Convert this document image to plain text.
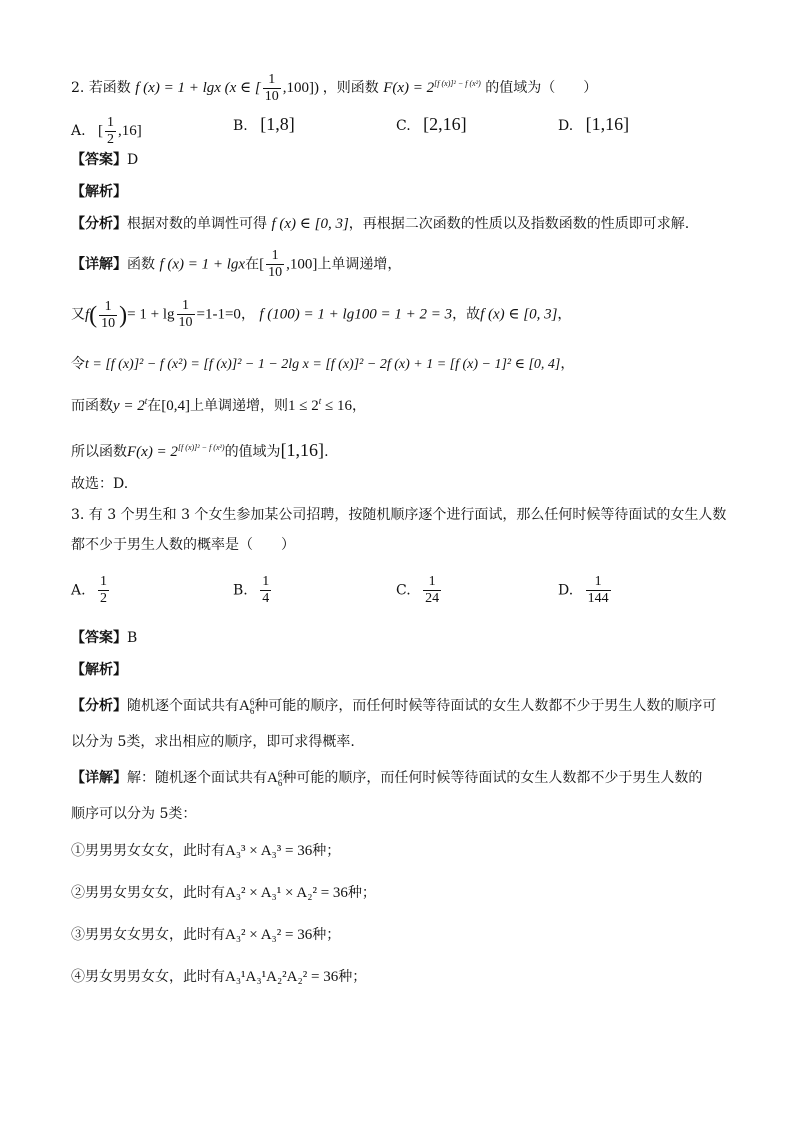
2. 若函数 f (x) = 1 + lgx (x ∈ [ $\frac{1}{10} ,100$]) ，则函数 $F(x) = 2^{[f (x)]^2 - f (x^2)}$ 的值域为（　　）
A. [ $\frac{1}{2} ,16$]	B. [1,8]	C. [2,16]	D. [1,16]
【答案】D
【解析】
【分析】根据对数的单调性可得 f (x) ∈ [0, 3]，再根据二次函数的性质以及指数函数的性质即可求解.
【详解】函数 f (x) = 1 + lgx在[ $\frac{1}{10} ,100$]上单调递增，
又$f( \frac{1}{10}$ )= $1 + \lg \frac{1}{10} =1-1=0$， f (100) = 1 + lg100 = 1 + 2 = 3，故f (x) ∈ [0, 3]，
令t = [f (x)]² − f (x²) = [f (x)]² − 1 − 2lg x = [f (x)]² − 2f (x) + 1 = [f (x) − 1]² ∈ [0, 4]，
而函数$y = 2^t$在[0,4]上单调递增，则$1 \le 2^t \le 16$，
所以函数$F(x) = 2^{[f (x)]^2 - f (x^2)}$的值域为[1,16].
故选：D.
3. 有 3 个男生和 3 个女生参加某公司招聘，按随机顺序逐个进行面试，那么任何时候等待面试的女生人数
都不少于男生人数的概率是（　　）
A. $\frac{1}{2}$	B. $\frac{1}{4}$	C. $\frac{1}{24}$	D. $\frac{1}{144}$
【答案】B
【解析】
【分析】随机逐个面试共有A 6
6 种可能的顺序，而任何时候等待面试的女生人数都不少于男生人数的顺序可
以分为 5类，求出相应的顺序，即可求得概率.
【详解】解：随机逐个面试共有A 6
6 种可能的顺序，而任何时候等待面试的女生人数都不少于男生人数的
顺序可以分为 5类：
①男男男女女女，此时有A₃³ × A₃³ = 36种；
②男男女男女女，此时有A₃² × A₃¹ × A₂² = 36种；
③男男女女男女，此时有A₃² × A₃² = 36种；
④男女男男女女，此时有A₃¹A₃¹A₂²A₂² = 36种；
